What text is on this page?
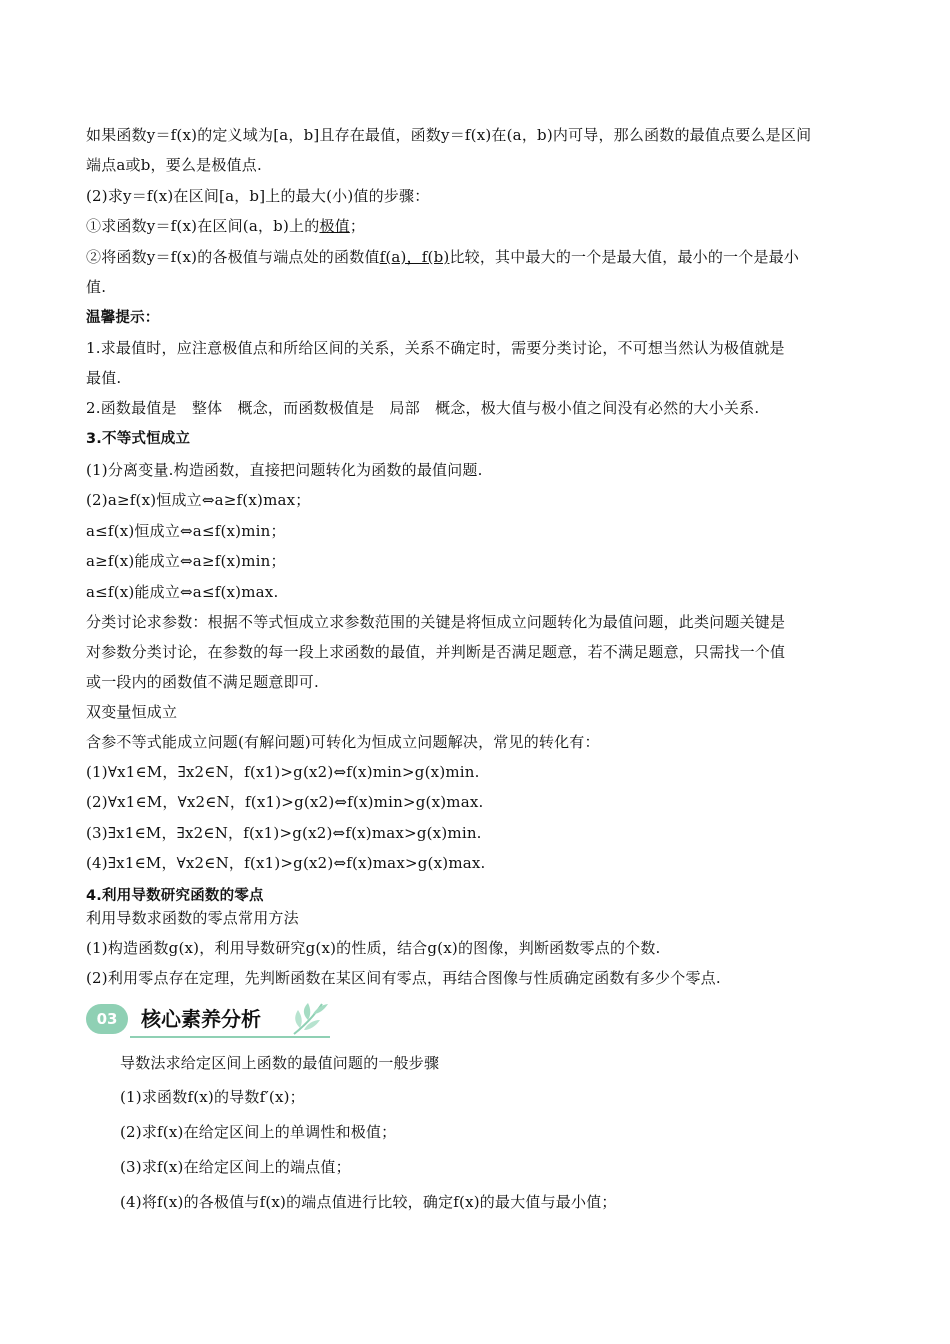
如果函数y＝f(x)的定义域为[a，b]且存在最值，函数y＝f(x)在(a，b)内可导，那么函数的最值点要么是区间
端点a或b，要么是极值点.
(2)求y＝f(x)在区间[a，b]上的最大(小)值的步骤：
①求函数y＝f(x)在区间(a，b)上的极值；
②将函数y＝f(x)的各极值与端点处的函数值f(a)，f(b)比较，其中最大的一个是最大值，最小的一个是最小
值.
温馨提示：
1.求最值时，应注意极值点和所给区间的关系，关系不确定时，需要分类讨论，不可想当然认为极值就是
最值.
2.函数最值是　整体　概念，而函数极值是　局部　概念，极大值与极小值之间没有必然的大小关系.
3.不等式恒成立
(1)分离变量.构造函数，直接把问题转化为函数的最值问题.
(2)a≥f(x)恒成立⇔a≥f(x)max；
a≤f(x)恒成立⇔a≤f(x)min；
a≥f(x)能成立⇔a≥f(x)min；
a≤f(x)能成立⇔a≤f(x)max.
分类讨论求参数：根据不等式恒成立求参数范围的关键是将恒成立问题转化为最值问题，此类问题关键是
对参数分类讨论，在参数的每一段上求函数的最值，并判断是否满足题意，若不满足题意，只需找一个值
或一段内的函数值不满足题意即可.
双变量恒成立
含参不等式能成立问题(有解问题)可转化为恒成立问题解决，常见的转化有：
(1)∀x1∈M，∃x2∈N，f(x1)>g(x2)⇔f(x)min>g(x)min.
(2)∀x1∈M，∀x2∈N，f(x1)>g(x2)⇔f(x)min>g(x)max.
(3)∃x1∈M，∃x2∈N，f(x1)>g(x2)⇔f(x)max>g(x)min.
(4)∃x1∈M，∀x2∈N，f(x1)>g(x2)⇔f(x)max>g(x)max.
4.利用导数研究函数的零点
利用导数求函数的零点常用方法
(1)构造函数g(x)，利用导数研究g(x)的性质，结合g(x)的图像，判断函数零点的个数.
(2)利用零点存在定理，先判断函数在某区间有零点，再结合图像与性质确定函数有多少个零点.
03	核心素养分析
导数法求给定区间上函数的最值问题的一般步骤
(1)求函数f(x)的导数f′(x)；
(2)求f(x)在给定区间上的单调性和极值；
(3)求f(x)在给定区间上的端点值；
(4)将f(x)的各极值与f(x)的端点值进行比较，确定f(x)的最大值与最小值；
